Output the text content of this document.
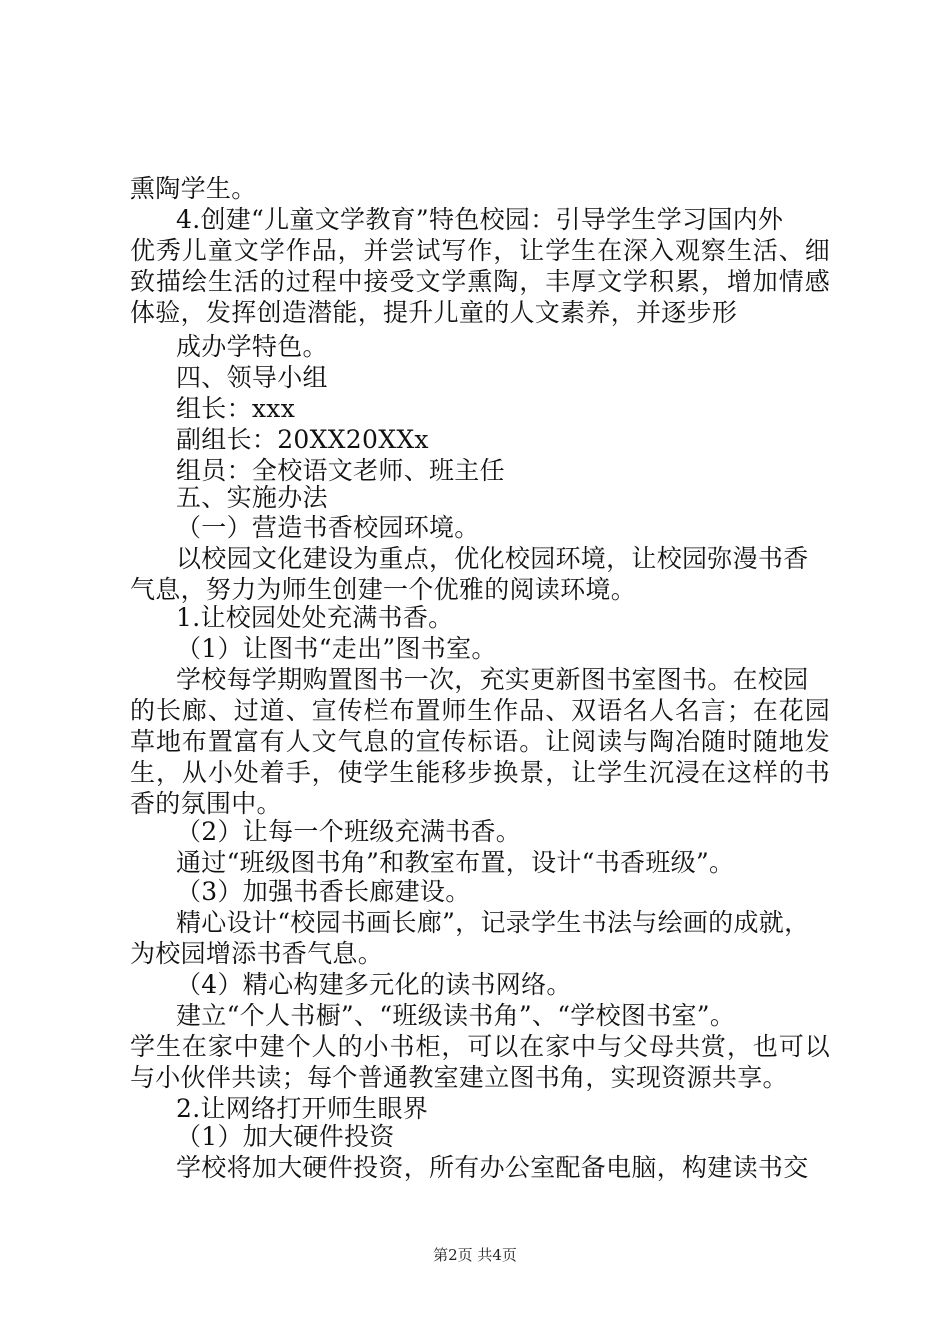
熏陶学生。
4.创建“儿童文学教育”特色校园：引导学生学习国内外
优秀儿童文学作品，并尝试写作，让学生在深入观察生活、细
致描绘生活的过程中接受文学熏陶，丰厚文学积累，增加情感
体验，发挥创造潜能，提升儿童的人文素养，并逐步形
成办学特色。
四、领导小组
组长：xxx
副组长：20XX20XXx
组员：全校语文老师、班主任
五、实施办法
（一）营造书香校园环境。
以校园文化建设为重点，优化校园环境，让校园弥漫书香
气息，努力为师生创建一个优雅的阅读环境。
1.让校园处处充满书香。
（1）让图书“走出”图书室。
学校每学期购置图书一次，充实更新图书室图书。在校园
的长廊、过道、宣传栏布置师生作品、双语名人名言；在花园
草地布置富有人文气息的宣传标语。让阅读与陶冶随时随地发
生，从小处着手，使学生能移步换景，让学生沉浸在这样的书
香的氛围中。
（2）让每一个班级充满书香。
通过“班级图书角”和教室布置，设计“书香班级”。
（3）加强书香长廊建设。
精心设计“校园书画长廊”，记录学生书法与绘画的成就，
为校园增添书香气息。
（4）精心构建多元化的读书网络。
建立“个人书橱”、“班级读书角”、“学校图书室”。
学生在家中建个人的小书柜，可以在家中与父母共赏，也可以
与小伙伴共读；每个普通教室建立图书角，实现资源共享。
2.让网络打开师生眼界
（1）加大硬件投资
学校将加大硬件投资，所有办公室配备电脑，构建读书交
第2页 共4页
